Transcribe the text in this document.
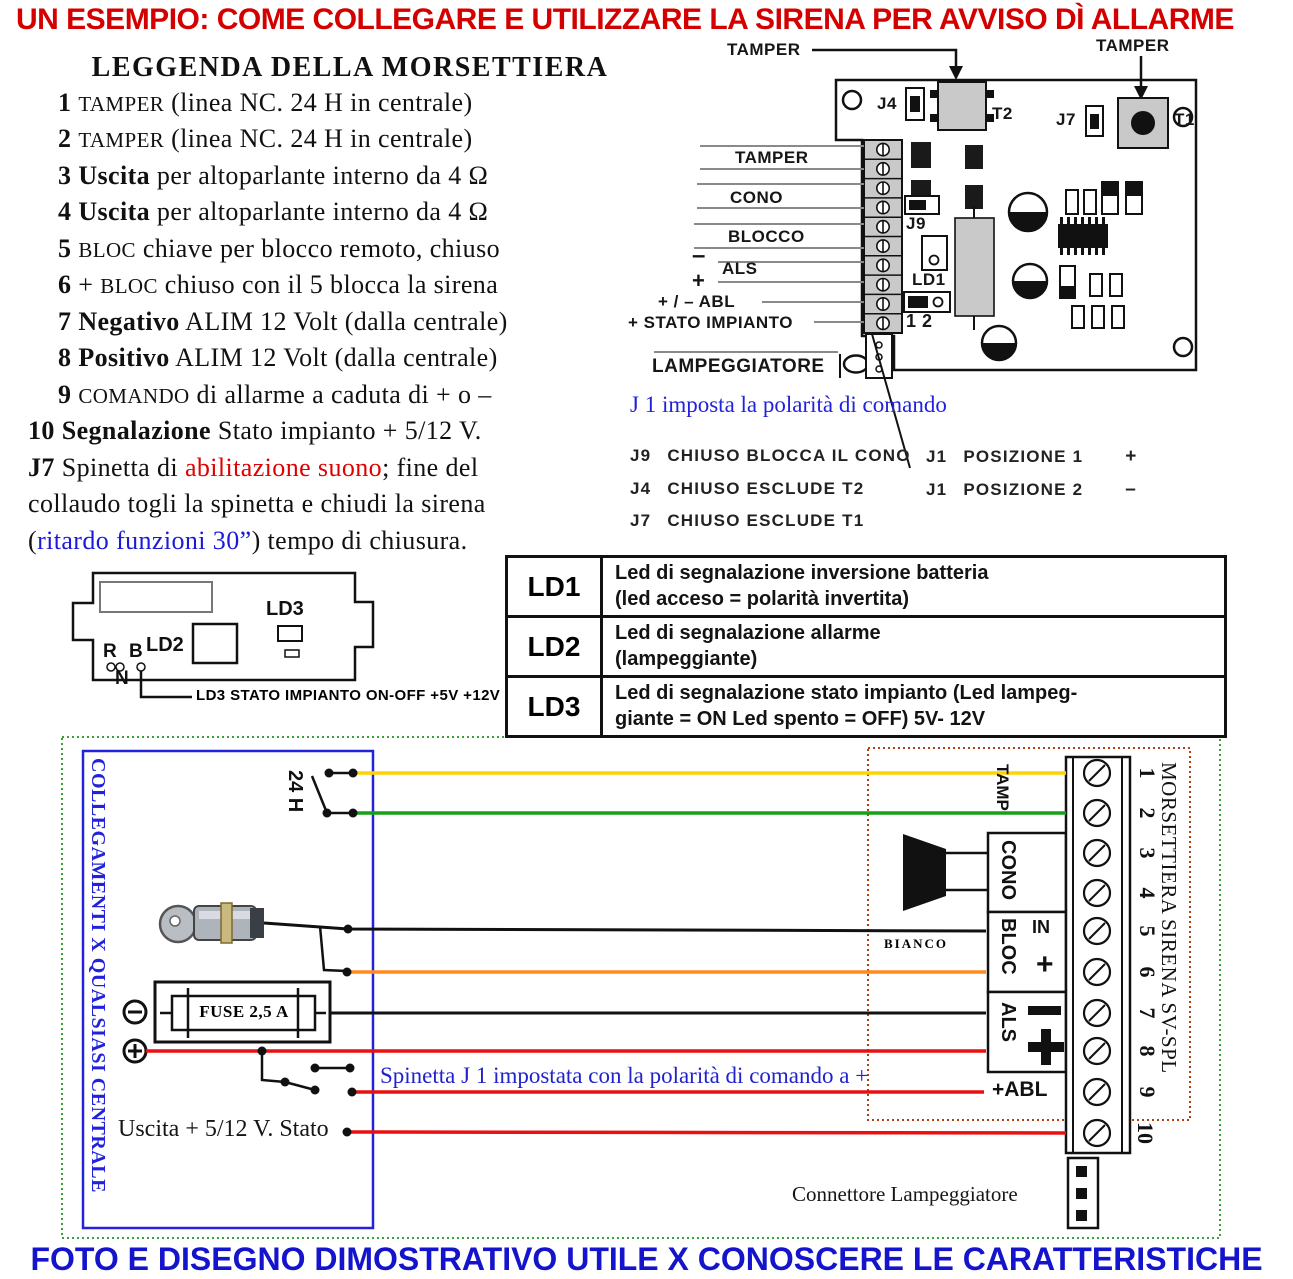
UN ESEMPIO: COME COLLEGARE E UTILIZZARE LA SIRENA PER AVVISO DÌ ALLARME
LEGGENDA DELLA MORSETTIERA
1 TAMPER (linea NC. 24 H in centrale)
2 TAMPER (linea NC. 24 H in centrale)
3 Uscita per altoparlante interno da 4 Ω
4 Uscita per altoparlante interno da 4 Ω
5 BLOC chiave per blocco remoto, chiuso
6 + BLOC chiuso con il 5 blocca la sirena
7 Negativo ALIM 12 Volt (dalla centrale)
8 Positivo ALIM 12 Volt (dalla centrale)
9 COMANDO di allarme a caduta di + o –
10 Segnalazione Stato impianto + 5/12 V.
J7 Spinetta di abilitazione suono; fine del
collaudo togli la spinetta e chiudi la sirena
(ritardo funzioni 30”) tempo di chiusura.
TAMPER	TAMPER
J4
T2	J7	T1
J9
LD1
1 2
TAMPER
CONO
BLOCCO
– ALS
+
+ / – ABL
+ STATO IMPIANTO
LAMPEGGIATORE
J 1 imposta la polarità di comando
J9 CHIUSO BLOCCA IL CONO
J4 CHIUSO ESCLUDE T2
J7 CHIUSO ESCLUDE T1
J1 POSIZIONE 1 +
J1 POSIZIONE 2 –
LD3
LD2
R B
N
LD3 STATO IMPIANTO ON-OFF +5V +12V
LD1	Led di segnalazione inversione batteria
(led acceso = polarità invertita)
LD2	Led di segnalazione allarme
(lampeggiante)
LD3	Led di segnalazione stato impianto (Led lampeg-
giante = ON Led spento = OFF) 5V- 12V
COLLEGAMENTI X QUALSIASI CENTRALE	24 H
FUSE 2,5 A
Spinetta J 1 impostata con la polarità di comando a +
Uscita + 5/12 V. Stato
BIANCO
TAMP
CONO
BLOC IN
+
ALS
+ABL
1
2
3
4
5
6
7
8
9
10
MORSETTIERA SIRENA SV-SPL
Connettore Lampeggiatore
FOTO E DISEGNO DIMOSTRATIVO UTILE X CONOSCERE LE CARATTERISTICHE
